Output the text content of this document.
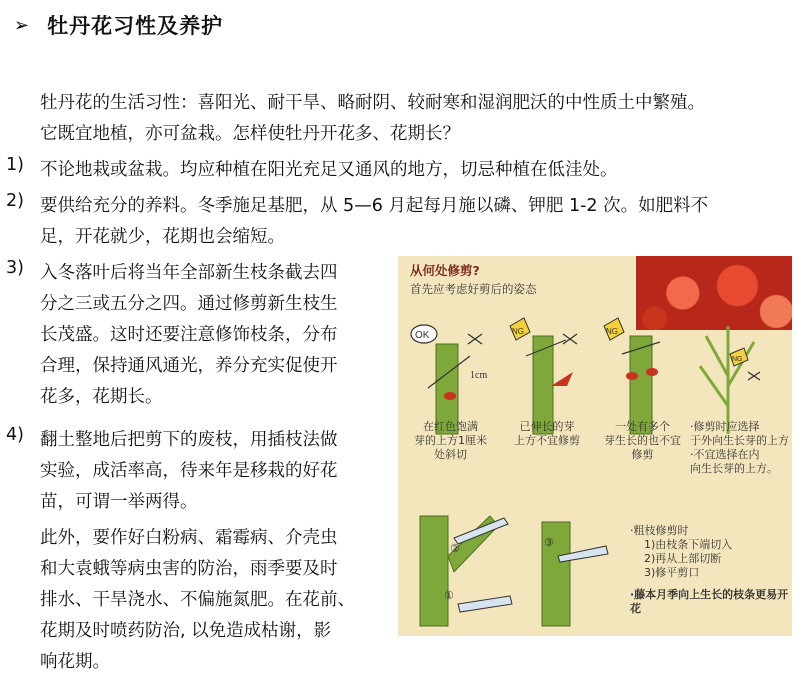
➢ 牡丹花习性及养护
牡丹花的生活习性：喜阳光、耐干旱、略耐阴、较耐寒和湿润肥沃的中性质土中繁殖。
它既宜地植，亦可盆栽。怎样使牡丹开花多、花期长？
1) 不论地栽或盆栽。均应种植在阳光充足又通风的地方，切忌种植在低洼处。
2) 要供给充分的养料。冬季施足基肥，从 5—6 月起每月施以磷、钾肥 1-2 次。如肥料不
足，开花就少，花期也会缩短。
3) 入冬落叶后将当年全部新生枝条截去四
分之三或五分之四。通过修剪新生枝生
长茂盛。这时还要注意修饰枝条，分布
合理，保持通风通光，养分充实促使开
花多，花期长。
4) 翻土整地后把剪下的废枝，用插枝法做
实验，成活率高，待来年是移栽的好花
苗，可谓一举两得。
此外，要作好白粉病、霜霉病、介壳虫
和大袁蛾等病虫害的防治，雨季要及时
排水、干旱浇水、不偏施氮肥。在花前、
花期及时喷药防治, 以免造成枯谢，影
响花期。
从何处修剪?
首先应考虑好剪后的姿态
OK
1cm
NG	NG
NG
①
②	③
在红色饱满
芽的上方1厘米
处斜切
已伸长的芽
上方不宜修剪
一处有多个
芽生长的也不宜
修剪
·修剪时应选择
于外向生长芽的上方
·不宜选择在内
向生长芽的上方。
·粗枝修剪时
1)由枝条下端切入
2)再从上部切断
3)修平剪口
·藤本月季向上生长的枝条更易开花
